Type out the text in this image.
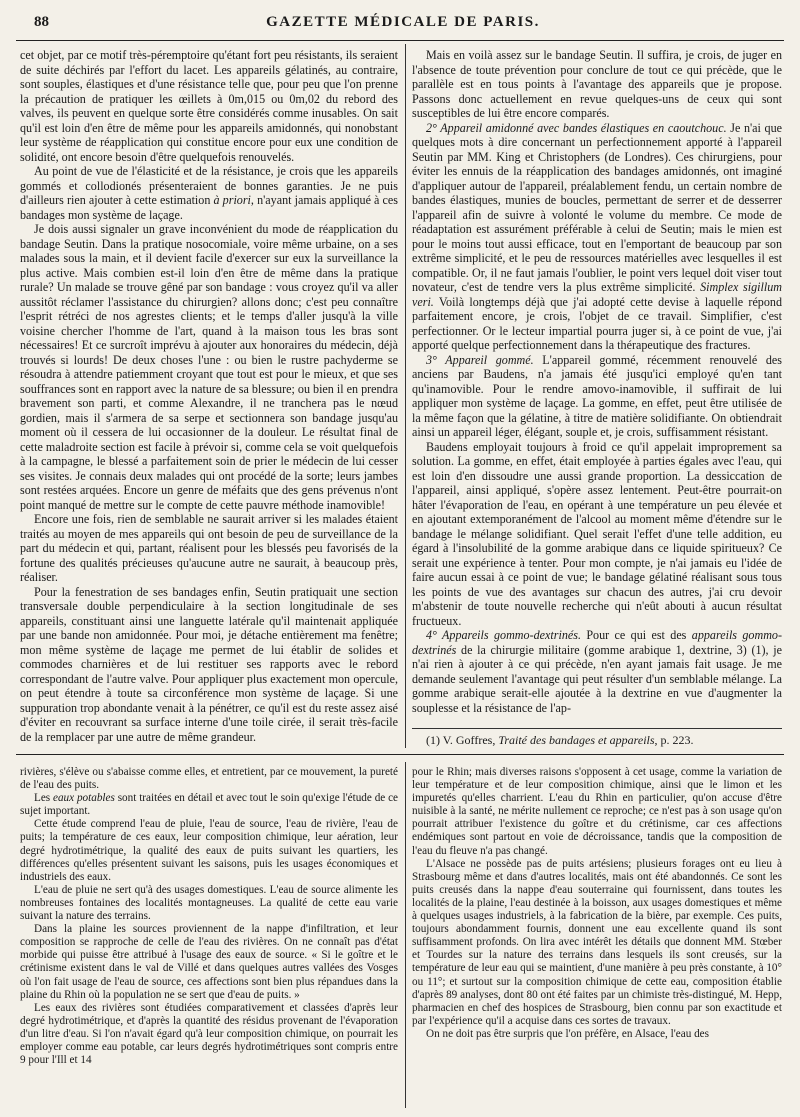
88	GAZETTE MÉDICALE DE PARIS.

cet objet, par ce motif très-péremptoire qu'étant fort peu résistants, ils seraient de suite déchirés par l'effort du lacet. Les appareils gélatinés, au contraire, sont souples, élastiques et d'une résistance telle que, pour peu que l'on prenne la précaution de pratiquer les œillets à 0m,015 ou 0m,02 du rebord des valves, ils peuvent en quelque sorte être considérés comme inusables. On sait qu'il est loin d'en être de même pour les appareils amidonnés, qui nonobstant leur système de réapplication qui constitue encore pour eux une condition de solidité, ont encore besoin d'être quelquefois renouvelés.

Au point de vue de l'élasticité et de la résistance, je crois que les appareils gommés et collodionés présenteraient de bonnes garanties. Je ne puis d'ailleurs rien ajouter à cette estimation à priori, n'ayant jamais appliqué à ces bandages mon système de laçage.

Je dois aussi signaler un grave inconvénient du mode de réapplication du bandage Seutin. Dans la pratique nosocomiale, voire même urbaine, on a ses malades sous la main, et il devient facile d'exercer sur eux la surveillance la plus active. Mais combien est-il loin d'en être de même dans la pratique rurale? Un malade se trouve gêné par son bandage : vous croyez qu'il va aller aussitôt réclamer l'assistance du chirurgien? allons donc; c'est peu connaître l'esprit rétréci de nos agrestes clients; et le temps d'aller jusqu'à la ville voisine chercher l'homme de l'art, quand à la maison tous les bras sont nécessaires! Et ce surcroît imprévu à ajouter aux honoraires du médecin, déjà trouvés si lourds! De deux choses l'une : ou bien le rustre pachyderme se résoudra à attendre patiemment croyant que tout est pour le mieux, et que ses souffrances sont en rapport avec la nature de sa blessure; ou bien il en prendra bravement son parti, et comme Alexandre, il ne tranchera pas le nœud gordien, mais il s'armera de sa serpe et sectionnera son bandage jusqu'au moment où il cessera de lui occasionner de la douleur. Le résultat final de cette maladroite section est facile à prévoir si, comme cela se voit quelquefois à la campagne, le blessé a parfaitement soin de prier le médecin de lui cesser ses visites. Je connais deux malades qui ont procédé de la sorte; leurs jambes sont restées arquées. Encore un genre de méfaits que des gens prévenus n'ont point manqué de mettre sur le compte de cette pauvre méthode inamovible!

Encore une fois, rien de semblable ne saurait arriver si les malades étaient traités au moyen de mes appareils qui ont besoin de peu de surveillance de la part du médecin et qui, partant, réalisent pour les blessés peu favorisés de la fortune des qualités précieuses qu'aucune autre ne saurait, à beaucoup près, réaliser.

Pour la fenestration de ses bandages enfin, Seutin pratiquait une section transversale double perpendiculaire à la section longitudinale de ses appareils, constituant ainsi une languette latérale qu'il maintenait appliquée par une bande non amidonnée. Pour moi, je détache entièrement ma fenêtre; mon même système de laçage me permet de lui établir de solides et commodes charnières et de lui restituer ses rapports avec le rebord correspondant de l'autre valve. Pour appliquer plus exactement mon opercule, on peut étendre à toute sa circonférence mon système de laçage. Si une suppuration trop abondante venait à la pénétrer, ce qu'il est du reste assez aisé d'éviter en recouvrant sa surface interne d'une toile cirée, il serait très-facile de la remplacer par une autre de même grandeur.

Mais en voilà assez sur le bandage Seutin. Il suffira, je crois, de juger en l'absence de toute prévention pour conclure de tout ce qui précède, que le parallèle est en tous points à l'avantage des appareils que je propose. Passons donc actuellement en revue quelques-uns de ceux qui sont susceptibles de lui être encore comparés.

2° Appareil amidonné avec bandes élastiques en caoutchouc. Je n'ai que quelques mots à dire concernant un perfectionnement apporté à l'appareil Seutin par MM. King et Christophers (de Londres). Ces chirurgiens, pour éviter les ennuis de la réapplication des bandages amidonnés, ont imaginé d'appliquer autour de l'appareil, préalablement fendu, un certain nombre de bandes élastiques, munies de boucles, permettant de serrer et de desserrer l'appareil afin de suivre à volonté le volume du membre. Ce mode de réadaptation est assurément préférable à celui de Seutin; mais le mien est pour le moins tout aussi efficace, tout en l'emportant de beaucoup par son extrême simplicité, et le peu de ressources matérielles avec lesquelles il est compatible. Or, il ne faut jamais l'oublier, le point vers lequel doit viser tout novateur, c'est de tendre vers la plus extrême simplicité. Simplex sigillum veri. Voilà longtemps déjà que j'ai adopté cette devise à laquelle répond parfaitement encore, je crois, l'objet de ce travail. Simplifier, c'est perfectionner. Or le lecteur impartial pourra juger si, à ce point de vue, j'ai apporté quelque perfectionnement dans la thérapeutique des fractures.

3° Appareil gommé. L'appareil gommé, récemment renouvelé des anciens par Baudens, n'a jamais été jusqu'ici employé qu'en tant qu'inamovible. Pour le rendre amovo-inamovible, il suffirait de lui appliquer mon système de laçage. La gomme, en effet, peut être utilisée de la même façon que la gélatine, à titre de matière solidifiante. On obtiendrait ainsi un appareil léger, élégant, souple et, je crois, suffisamment résistant.

Baudens employait toujours à froid ce qu'il appelait improprement sa solution. La gomme, en effet, était employée à parties égales avec l'eau, qui est loin d'en dissoudre une aussi grande proportion. La dessiccation de l'appareil, ainsi appliqué, s'opère assez lentement. Peut-être pourrait-on hâter l'évaporation de l'eau, en opérant à une température un peu élevée et en ajoutant extemporanément de l'alcool au moment même d'étendre sur le bandage le mélange solidifiant. Quel serait l'effet d'une telle addition, eu égard à l'insolubilité de la gomme arabique dans ce liquide spiritueux? Ce serait une expérience à tenter. Pour mon compte, je n'ai jamais eu l'idée de faire aucun essai à ce point de vue; le bandage gélatiné réalisant sous tous les points de vue des avantages sur chacun des autres, j'ai cru devoir m'abstenir de toute nouvelle recherche qui n'eût abouti à aucun résultat fructueux.

4° Appareils gommo-dextrinés. Pour ce qui est des appareils gommo-dextrinés de la chirurgie militaire (gomme arabique 1, dextrine, 3) (1), je n'ai rien à ajouter à ce qui précède, n'en ayant jamais fait usage. Je me demande seulement l'avantage qui peut résulter d'un semblable mélange. La gomme arabique serait-elle ajoutée à la dextrine en vue d'augmenter la souplesse et la résistance de l'ap-

(1) V. Goffres, Traité des bandages et appareils, p. 223.

rivières, s'élève ou s'abaisse comme elles, et entretient, par ce mouvement, la pureté de l'eau des puits.

Les eaux potables sont traitées en détail et avec tout le soin qu'exige l'étude de ce sujet important.

Cette étude comprend l'eau de pluie, l'eau de source, l'eau de rivière, l'eau de puits; la température de ces eaux, leur composition chimique, leur aération, leur degré hydrotimétrique, la qualité des eaux de puits suivant les quartiers, les différences qu'elles présentent suivant les saisons, puis les usages économiques et industriels des eaux.

L'eau de pluie ne sert qu'à des usages domestiques. L'eau de source alimente les nombreuses fontaines des localités montagneuses. La qualité de cette eau varie suivant la nature des terrains.

Dans la plaine les sources proviennent de la nappe d'infiltration, et leur composition se rapproche de celle de l'eau des rivières. On ne connaît pas d'état morbide qui puisse être attribué à l'usage des eaux de source. « Si le goître et le crétinisme existent dans le val de Villé et dans quelques autres vallées des Vosges où l'on fait usage de l'eau de source, ces affections sont bien plus répandues dans la plaine du Rhin où la population ne se sert que d'eau de puits. »

Les eaux des rivières sont étudiées comparativement et classées d'après leur degré hydrotimétrique, et d'après la quantité des résidus provenant de l'évaporation d'un litre d'eau. Si l'on n'avait égard qu'à leur composition chimique, on pourrait les employer comme eau potable, car leurs degrés hydrotimétriques sont compris entre 9 pour l'Ill et 14

pour le Rhin; mais diverses raisons s'opposent à cet usage, comme la variation de leur température et de leur composition chimique, ainsi que le limon et les impuretés qu'elles charrient. L'eau du Rhin en particulier, qu'on accuse d'être nuisible à la santé, ne mérite nullement ce reproche; ce n'est pas à son usage qu'on pourrait attribuer l'existence du goître et du crétinisme, car ces affections endémiques sont partout en voie de décroissance, tandis que la composition de l'eau du fleuve n'a pas changé.

L'Alsace ne possède pas de puits artésiens; plusieurs forages ont eu lieu à Strasbourg même et dans d'autres localités, mais ont été abandonnés. Ce sont les puits creusés dans la nappe d'eau souterraine qui fournissent, dans toutes les localités de la plaine, l'eau destinée à la boisson, aux usages domestiques et même à quelques usages industriels, à la fabrication de la bière, par exemple. Ces puits, toujours abondamment fournis, donnent une eau excellente quand ils sont suffisamment profonds. On lira avec intérêt les détails que donnent MM. Stœber et Tourdes sur la nature des terrains dans lesquels ils sont creusés, sur la température de leur eau qui se maintient, d'une manière à peu près constante, à 10° ou 11°; et surtout sur la composition chimique de cette eau, composition établie d'après 89 analyses, dont 80 ont été faites par un chimiste très-distingué, M. Hepp, pharmacien en chef des hospices de Strasbourg, bien connu par son exactitude et par l'expérience qu'il a acquise dans ces sortes de travaux.

On ne doit pas être surpris que l'on préfère, en Alsace, l'eau des
